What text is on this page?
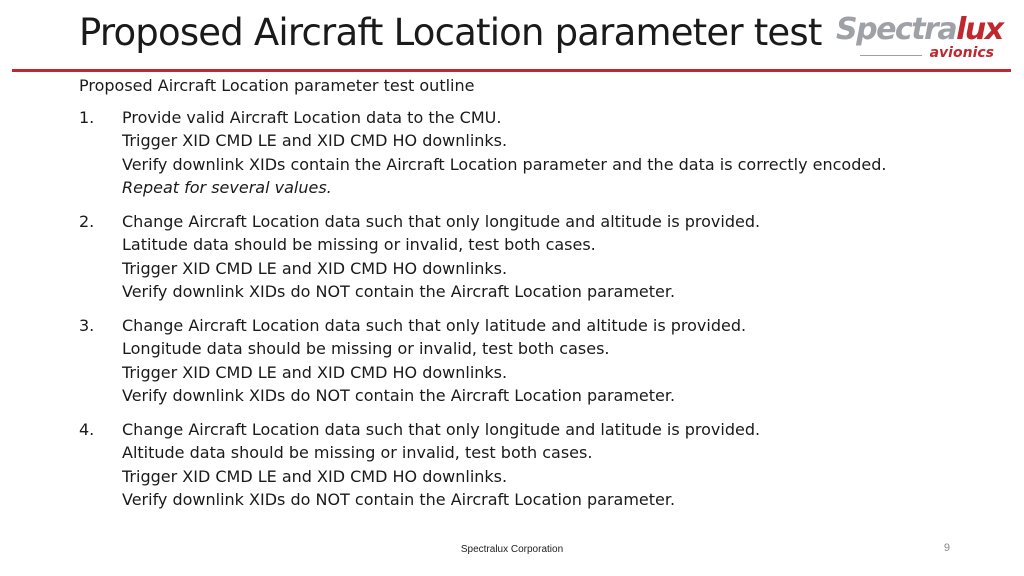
Proposed Aircraft Location parameter test Spectralux
avionics
Proposed Aircraft Location parameter test outline
1. Provide valid Aircraft Location data to the CMU.
Trigger XID CMD LE and XID CMD HO downlinks.
Verify downlink XIDs contain the Aircraft Location parameter and the data is correctly encoded.
Repeat for several values.
2. Change Aircraft Location data such that only longitude and altitude is provided.
Latitude data should be missing or invalid, test both cases.
Trigger XID CMD LE and XID CMD HO downlinks.
Verify downlink XIDs do NOT contain the Aircraft Location parameter.
3. Change Aircraft Location data such that only latitude and altitude is provided.
Longitude data should be missing or invalid, test both cases.
Trigger XID CMD LE and XID CMD HO downlinks.
Verify downlink XIDs do NOT contain the Aircraft Location parameter.
4. Change Aircraft Location data such that only longitude and latitude is provided.
Altitude data should be missing or invalid, test both cases.
Trigger XID CMD LE and XID CMD HO downlinks.
Verify downlink XIDs do NOT contain the Aircraft Location parameter.
Spectralux Corporation	9
